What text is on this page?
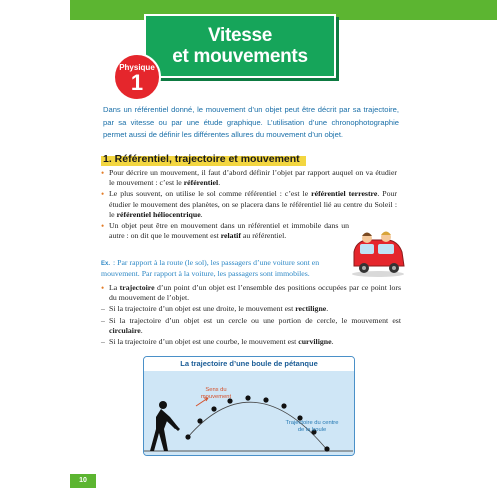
Vitesse
et mouvements
Physique
1

Dans un référentiel donné, le mouvement d’un objet peut être décrit par sa trajectoire, par sa vitesse ou par une étude graphique. L’utilisation d’une chronophotographie permet aussi de définir les différentes allures du mouvement d’un objet.

1. Référentiel, trajectoire et mouvement

• Pour décrire un mouvement, il faut d’abord définir l’objet par rapport auquel on va étudier le mouvement : c’est le référentiel.

• Le plus souvent, on utilise le sol comme référentiel : c’est le référentiel terrestre. Pour étudier le mouvement des planètes, on se placera dans le référentiel lié au centre du Soleil : le référentiel héliocentrique.

• Un objet peut être en mouvement dans un référentiel et immobile dans un autre : on dit que le mouvement est relatif au référentiel.

Ex. : Par rapport à la route (le sol), les passagers d’une voiture sont en mouvement. Par rapport à la voiture, les passagers sont immobiles.

• La trajectoire d’un point d’un objet est l’ensemble des positions occupées par ce point lors du mouvement de l’objet.

– Si la trajectoire d’un objet est une droite, le mouvement est rectiligne.

– Si la trajectoire d’un objet est un cercle ou une portion de cercle, le mouvement est circulaire.

– Si la trajectoire d’un objet est une courbe, le mouvement est curviligne.

La trajectoire d’une boule de pétanque
Sens du
mouvement
Trajectoire du centre
de la boule
10
